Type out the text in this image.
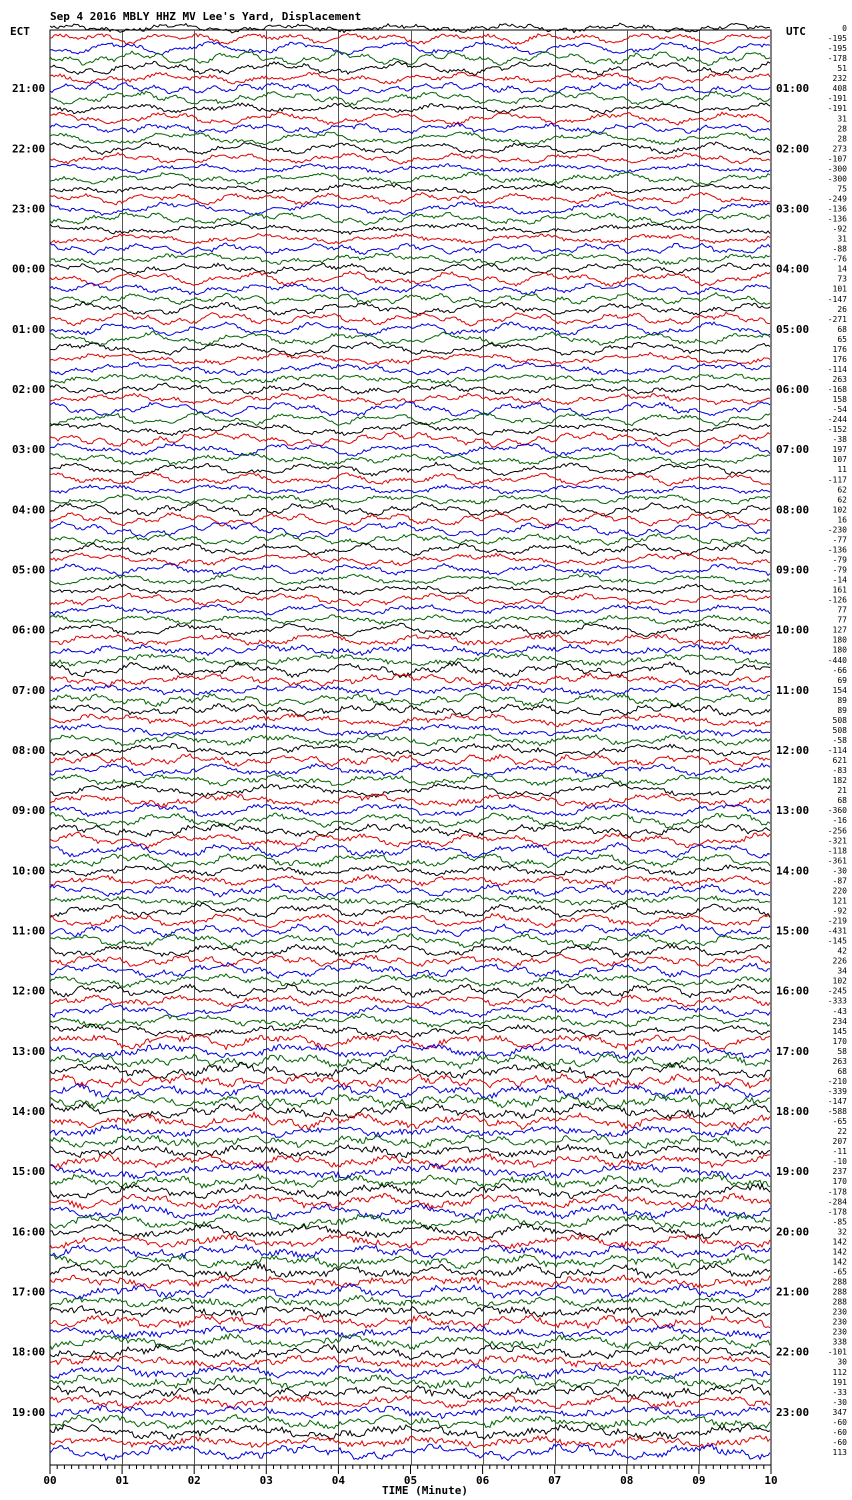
Sep 4 2016 MBLY HHZ MV Lee's Yard, Displacement
ECT	UTC
21:00
22:00
23:00
00:00
01:00
02:00
03:00
04:00
05:00
06:00
07:00
08:00
09:00
10:00
11:00
12:00
13:00
14:00
15:00
16:00
17:00
18:00
19:00
01:00
02:00
03:00
04:00
05:00
06:00
07:00
08:00
09:00
10:00
11:00
12:00
13:00
14:00
15:00
16:00
17:00
18:00
19:00
20:00
21:00
22:00
23:00
0
-195
-195
-178
51
232
408
-191
-191
31
28
28
273
-107
-300
-300
75
-249
-136
-136
-92
31
-88
-76
14
73
101
-147
26
-271
68
65
176
176
-114
263
-168
158
-54
-244
-152
-38
197
107
11
-117
62
62
102
16
-230
-77
-136
-79
-79
-14
161
-126
77
77
127
180
180
-440
-66
69
154
89
89
508
508
-58
-114
621
-83
182
21
68
-360
-16
-256
-321
-118
-361
-30
-87
220
121
-92
-219
-431
-145
42
226
34
102
-245
-333
-43
234
145
170
58
263
68
-210
-339
-147
-588
-65
22
207
-11
-10
237
170
-178
-284
-178
-85
32
142
142
142
-65
288
288
288
230
230
230
338
-101
30
112
191
-33
-30
347
-60
-60
-60
113
00	01	02	03	04	05	06	07	08	09	10
TIME (Minute)
